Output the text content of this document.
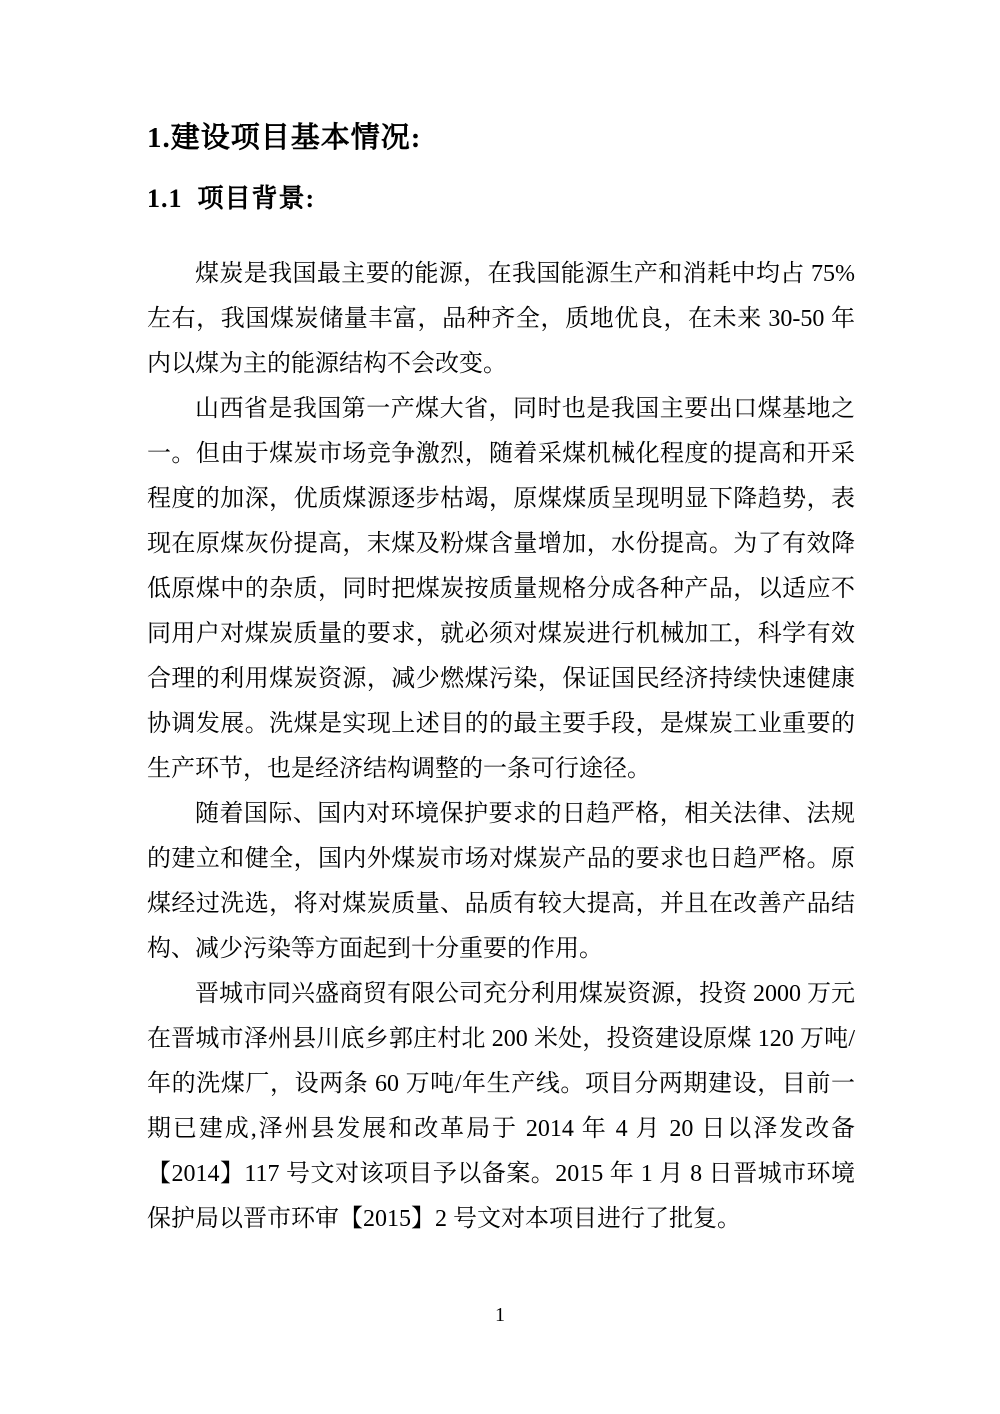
1.建设项目基本情况:
1.1  项目背景:

煤炭是我国最主要的能源，在我国能源生产和消耗中均占 75%左右，我国煤炭储量丰富，品种齐全，质地优良，在未来 30-50 年内以煤为主的能源结构不会改变。

山西省是我国第一产煤大省，同时也是我国主要出口煤基地之一。但由于煤炭市场竞争激烈，随着采煤机械化程度的提高和开采程度的加深，优质煤源逐步枯竭，原煤煤质呈现明显下降趋势，表现在原煤灰份提高，末煤及粉煤含量增加，水份提高。为了有效降低原煤中的杂质，同时把煤炭按质量规格分成各种产品，以适应不同用户对煤炭质量的要求，就必须对煤炭进行机械加工，科学有效合理的利用煤炭资源，减少燃煤污染，保证国民经济持续快速健康协调发展。洗煤是实现上述目的的最主要手段，是煤炭工业重要的生产环节，也是经济结构调整的一条可行途径。

随着国际、国内对环境保护要求的日趋严格，相关法律、法规的建立和健全，国内外煤炭市场对煤炭产品的要求也日趋严格。原煤经过洗选，将对煤炭质量、品质有较大提高，并且在改善产品结构、减少污染等方面起到十分重要的作用。

晋城市同兴盛商贸有限公司充分利用煤炭资源，投资 2000 万元在晋城市泽州县川底乡郭庄村北 200 米处，投资建设原煤 120 万吨/年的洗煤厂，设两条 60 万吨/年生产线。项目分两期建设，目前一期已建成,泽州县发展和改革局于 2014 年 4 月 20 日以泽发改备【2014】117 号文对该项目予以备案。2015 年 1 月 8 日晋城市环境保护局以晋市环审【2015】2 号文对本项目进行了批复。

1
